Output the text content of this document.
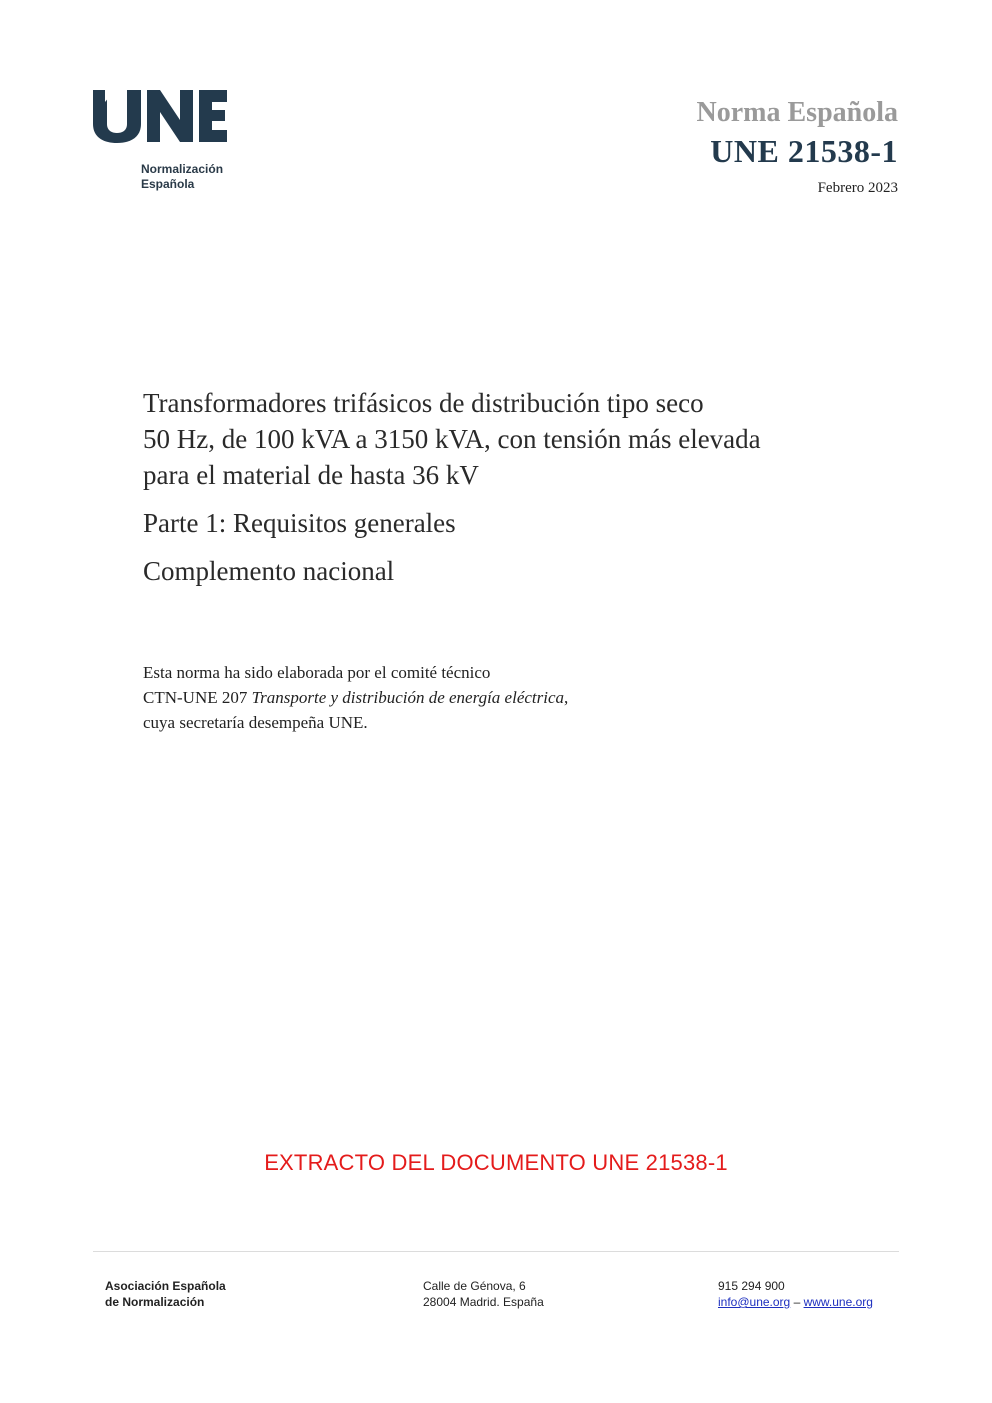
Normalización
Española
Norma Española
UNE 21538-1
Febrero 2023
Transformadores trifásicos de distribución tipo seco
50 Hz, de 100 kVA a 3150 kVA, con tensión más elevada
para el material de hasta 36 kV
Parte 1: Requisitos generales
Complemento nacional
Esta norma ha sido elaborada por el comité técnico
CTN-UNE 207 Transporte y distribución de energía eléctrica,
cuya secretaría desempeña UNE.
EXTRACTO DEL DOCUMENTO UNE 21538-1
Asociación Española
de Normalización
Calle de Génova, 6
28004 Madrid. España
915 294 900
info@une.org – www.une.org
